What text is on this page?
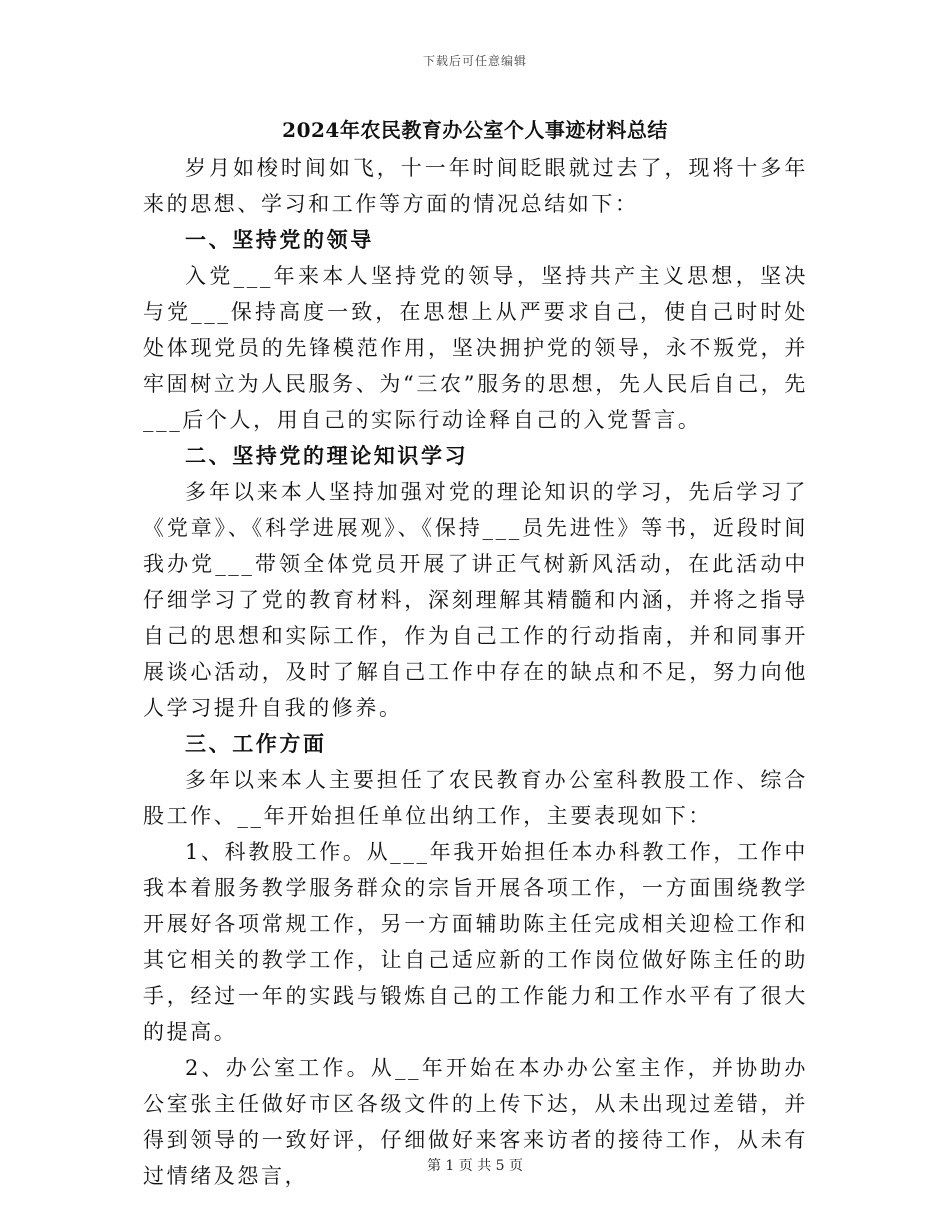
下载后可任意编辑
2024年农民教育办公室个人事迹材料总结

岁月如梭时间如飞，十一年时间眨眼就过去了，现将十多年来的思想、学习和工作等方面的情况总结如下：

一、坚持党的领导

入党___年来本人坚持党的领导，坚持共产主义思想，坚决与党___保持高度一致，在思想上从严要求自己，使自己时时处处体现党员的先锋模范作用，坚决拥护党的领导，永不叛党，并牢固树立为人民服务、为“三农”服务的思想，先人民后自己，先___后个人，用自己的实际行动诠释自己的入党誓言。

二、坚持党的理论知识学习

多年以来本人坚持加强对党的理论知识的学习，先后学习了《党章》、《科学进展观》、《保持___员先进性》等书，近段时间我办党___带领全体党员开展了讲正气树新风活动，在此活动中仔细学习了党的教育材料，深刻理解其精髓和内涵，并将之指导自己的思想和实际工作，作为自己工作的行动指南，并和同事开展谈心活动，及时了解自己工作中存在的缺点和不足，努力向他人学习提升自我的修养。

三、工作方面

多年以来本人主要担任了农民教育办公室科教股工作、综合股工作、__年开始担任单位出纳工作，主要表现如下：

1、科教股工作。从___年我开始担任本办科教工作，工作中我本着服务教学服务群众的宗旨开展各项工作，一方面围绕教学开展好各项常规工作，另一方面辅助陈主任完成相关迎检工作和其它相关的教学工作，让自己适应新的工作岗位做好陈主任的助手，经过一年的实践与锻炼自己的工作能力和工作水平有了很大的提高。

2、办公室工作。从__年开始在本办办公室主作，并协助办公室张主任做好市区各级文件的上传下达，从未出现过差错，并得到领导的一致好评，仔细做好来客来访者的接待工作，从未有过情绪及怨言，	第 1 页 共 5 页
